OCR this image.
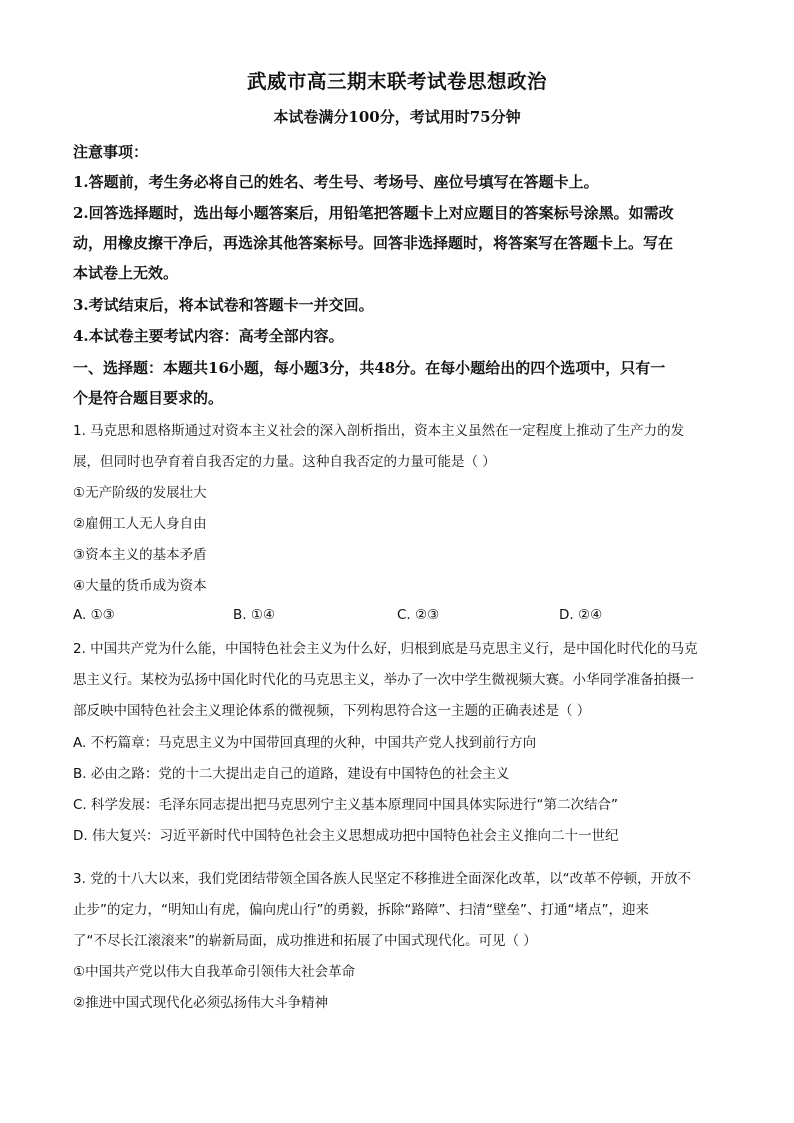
武威市高三期末联考试卷思想政治
本试卷满分100分，考试用时75分钟
注意事项：
1.答题前，考生务必将自己的姓名、考生号、考场号、座位号填写在答题卡上。
2.回答选择题时，选出每小题答案后，用铅笔把答题卡上对应题目的答案标号涂黑。如需改
动，用橡皮擦干净后，再选涂其他答案标号。回答非选择题时，将答案写在答题卡上。写在
本试卷上无效。
3.考试结束后，将本试卷和答题卡一并交回。
4.本试卷主要考试内容：高考全部内容。
一、选择题：本题共16小题，每小题3分，共48分。在每小题给出的四个选项中，只有一
个是符合题目要求的。
1. 马克思和恩格斯通过对资本主义社会的深入剖析指出，资本主义虽然在一定程度上推动了生产力的发
展，但同时也孕育着自我否定的力量。这种自我否定的力量可能是（ ）
①无产阶级的发展壮大
②雇佣工人无人身自由
③资本主义的基本矛盾
④大量的货币成为资本
A. ①③	B. ①④	C. ②③	D. ②④
2. 中国共产党为什么能，中国特色社会主义为什么好，归根到底是马克思主义行，是中国化时代化的马克
思主义行。某校为弘扬中国化时代化的马克思主义，举办了一次中学生微视频大赛。小华同学准备拍摄一
部反映中国特色社会主义理论体系的微视频，下列构思符合这一主题的正确表述是（ ）
A. 不朽篇章：马克思主义为中国带回真理的火种，中国共产党人找到前行方向
B. 必由之路：党的十二大提出走自己的道路，建设有中国特色的社会主义
C. 科学发展：毛泽东同志提出把马克思列宁主义基本原理同中国具体实际进行“第二次结合”
D. 伟大复兴：习近平新时代中国特色社会主义思想成功把中国特色社会主义推向二十一世纪
3. 党的十八大以来，我们党团结带领全国各族人民坚定不移推进全面深化改革，以“改革不停顿，开放不
止步”的定力，“明知山有虎，偏向虎山行”的勇毅，拆除“路障”、扫清“壁垒”、打通“堵点”，迎来
了“不尽长江滚滚来”的崭新局面，成功推进和拓展了中国式现代化。可见（ ）
①中国共产党以伟大自我革命引领伟大社会革命
②推进中国式现代化必须弘扬伟大斗争精神
